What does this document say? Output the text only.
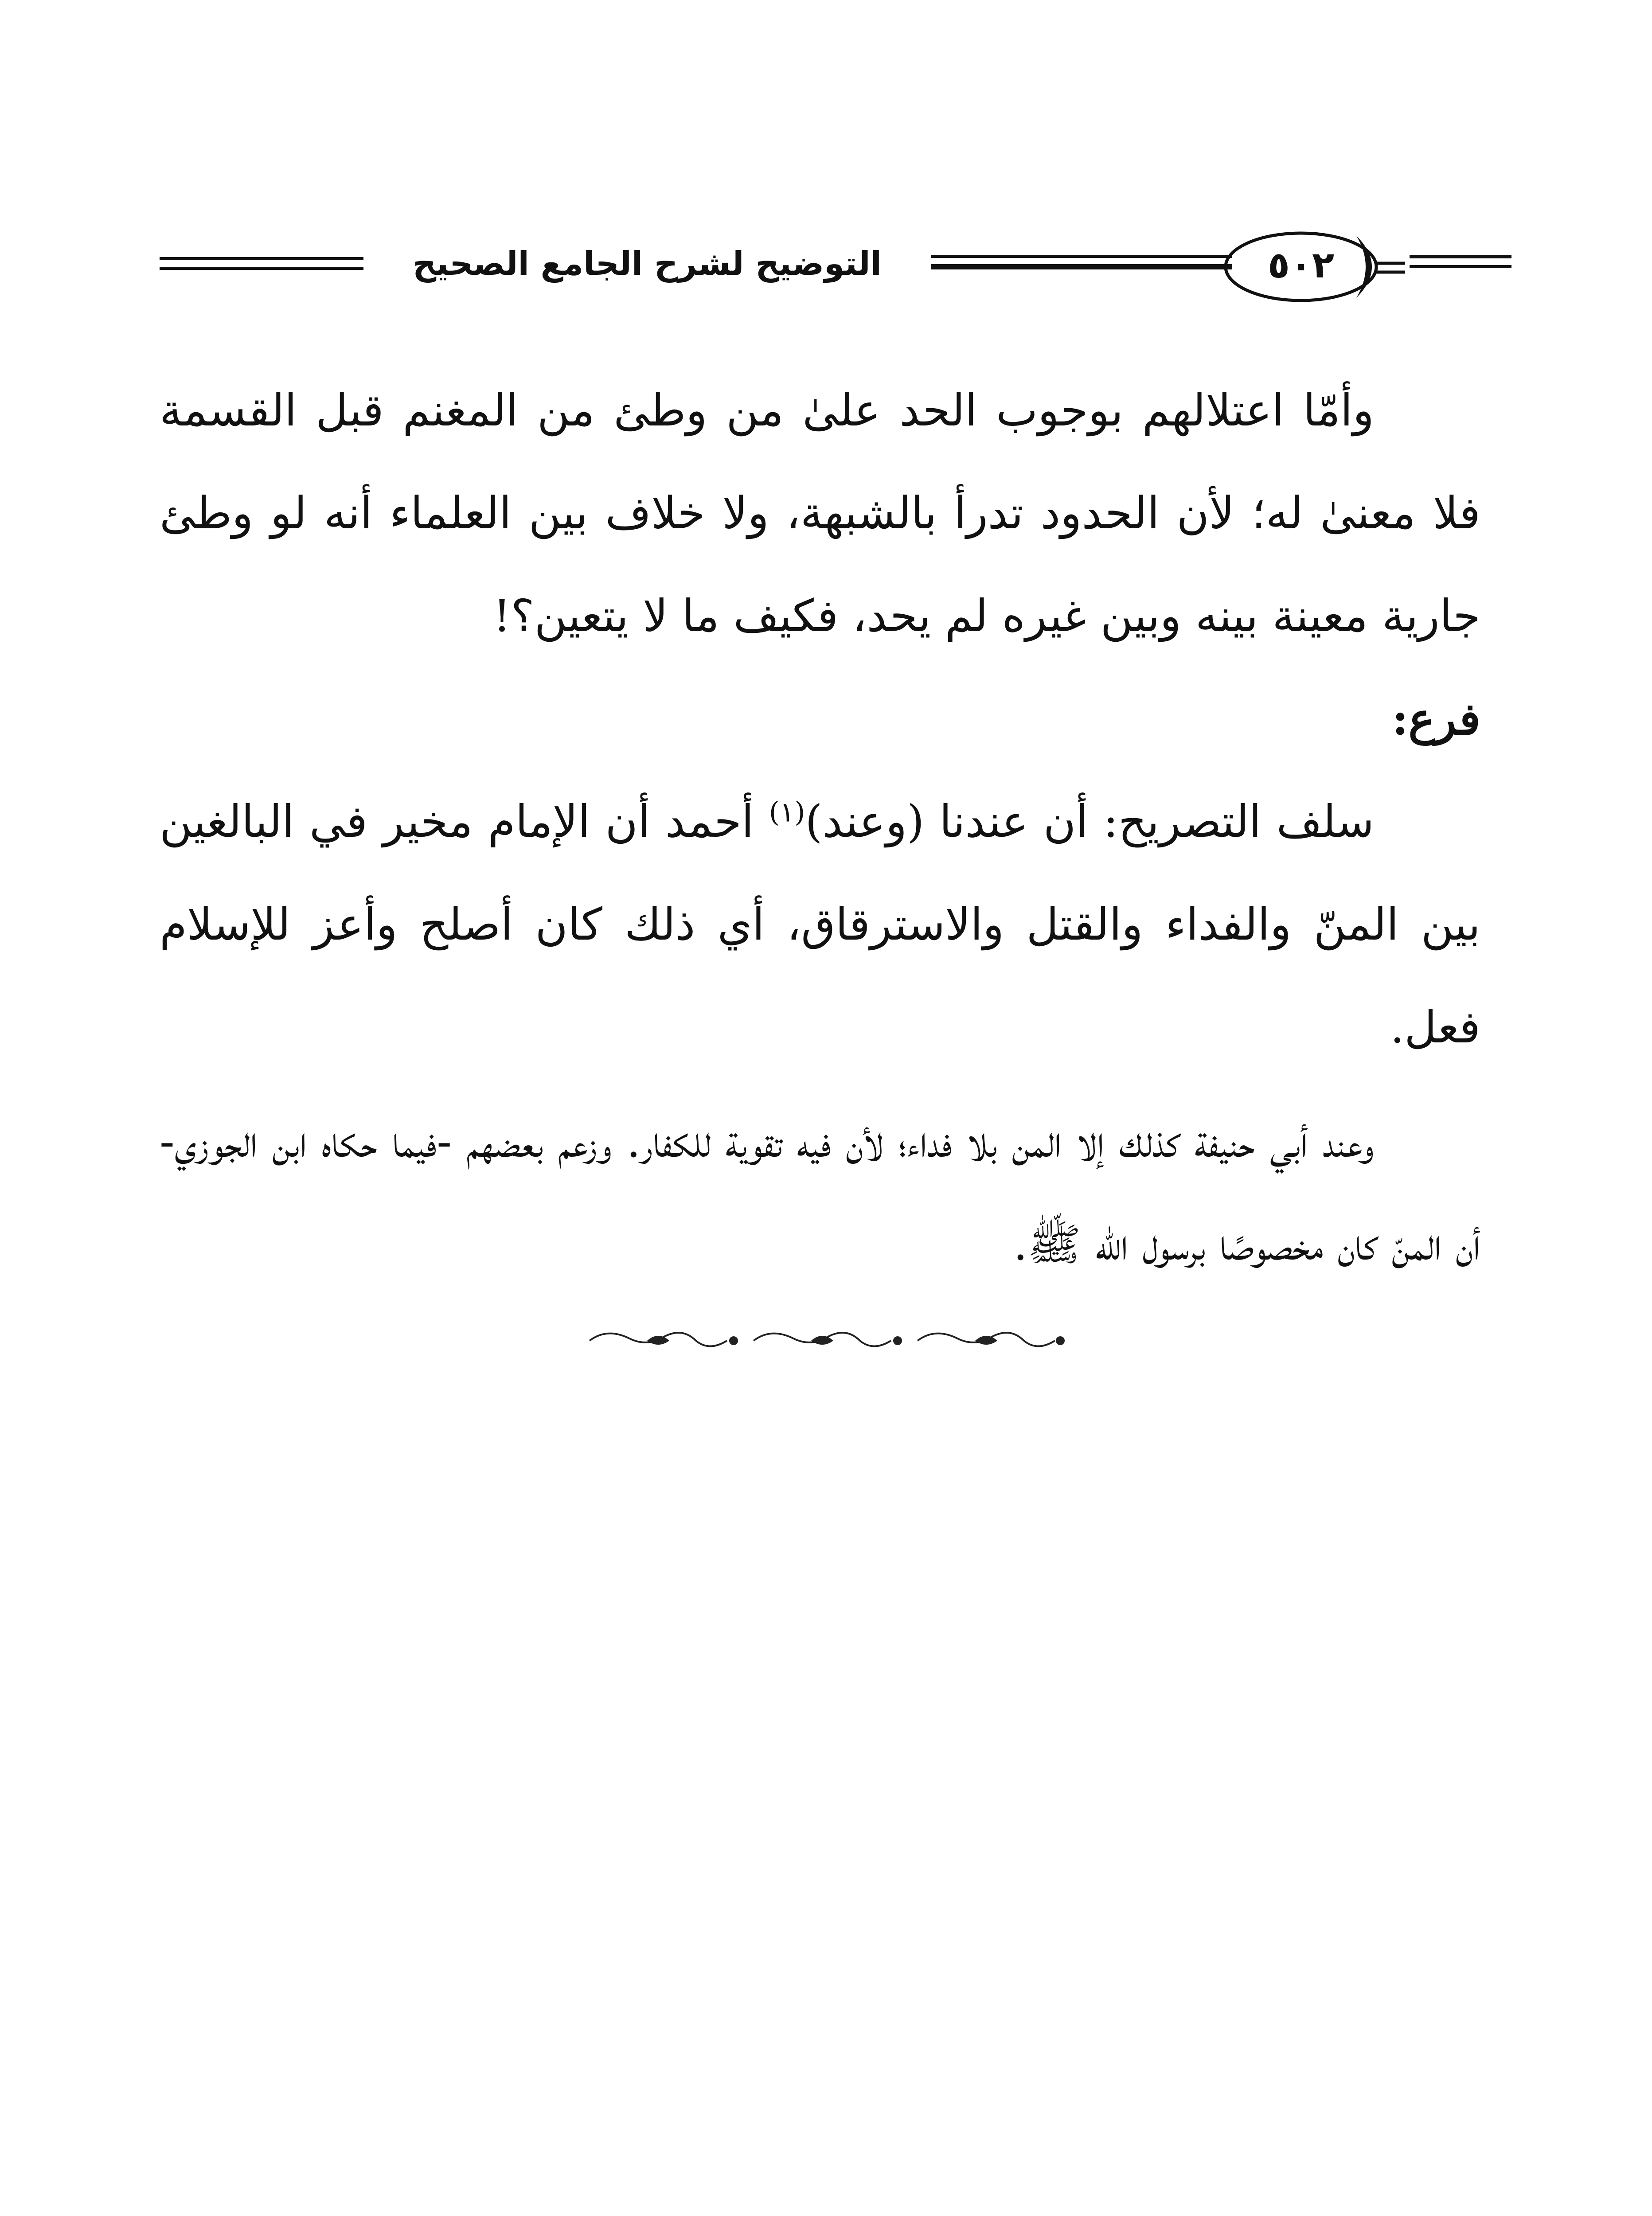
التوضيح لشرح الجامع الصحيح	٥٠٢

وأمّا اعتلالهم بوجوب الحد علىٰ من وطئ من المغنم قبل القسمة فلا معنىٰ له؛ لأن الحدود تدرأ بالشبهة، ولا خلاف بين العلماء أنه لو وطئ جارية معينة بينه وبين غيره لم يحد، فكيف ما لا يتعين؟!

فرع:

سلف التصريح: أن عندنا (وعند)$^{(١)}$ أحمد أن الإمام مخير في البالغين بين المنّ والفداء والقتل والاسترقاق، أي ذلك كان أصلح وأعز للإسلام فعل.

وعند أبي حنيفة كذلك إلا المن بلا فداء؛ لأن فيه تقوية للكفار. وزعم بعضهم -فيما حكاه ابن الجوزي- أن المنّ كان مخصوصًا برسول الله ﷺ.
